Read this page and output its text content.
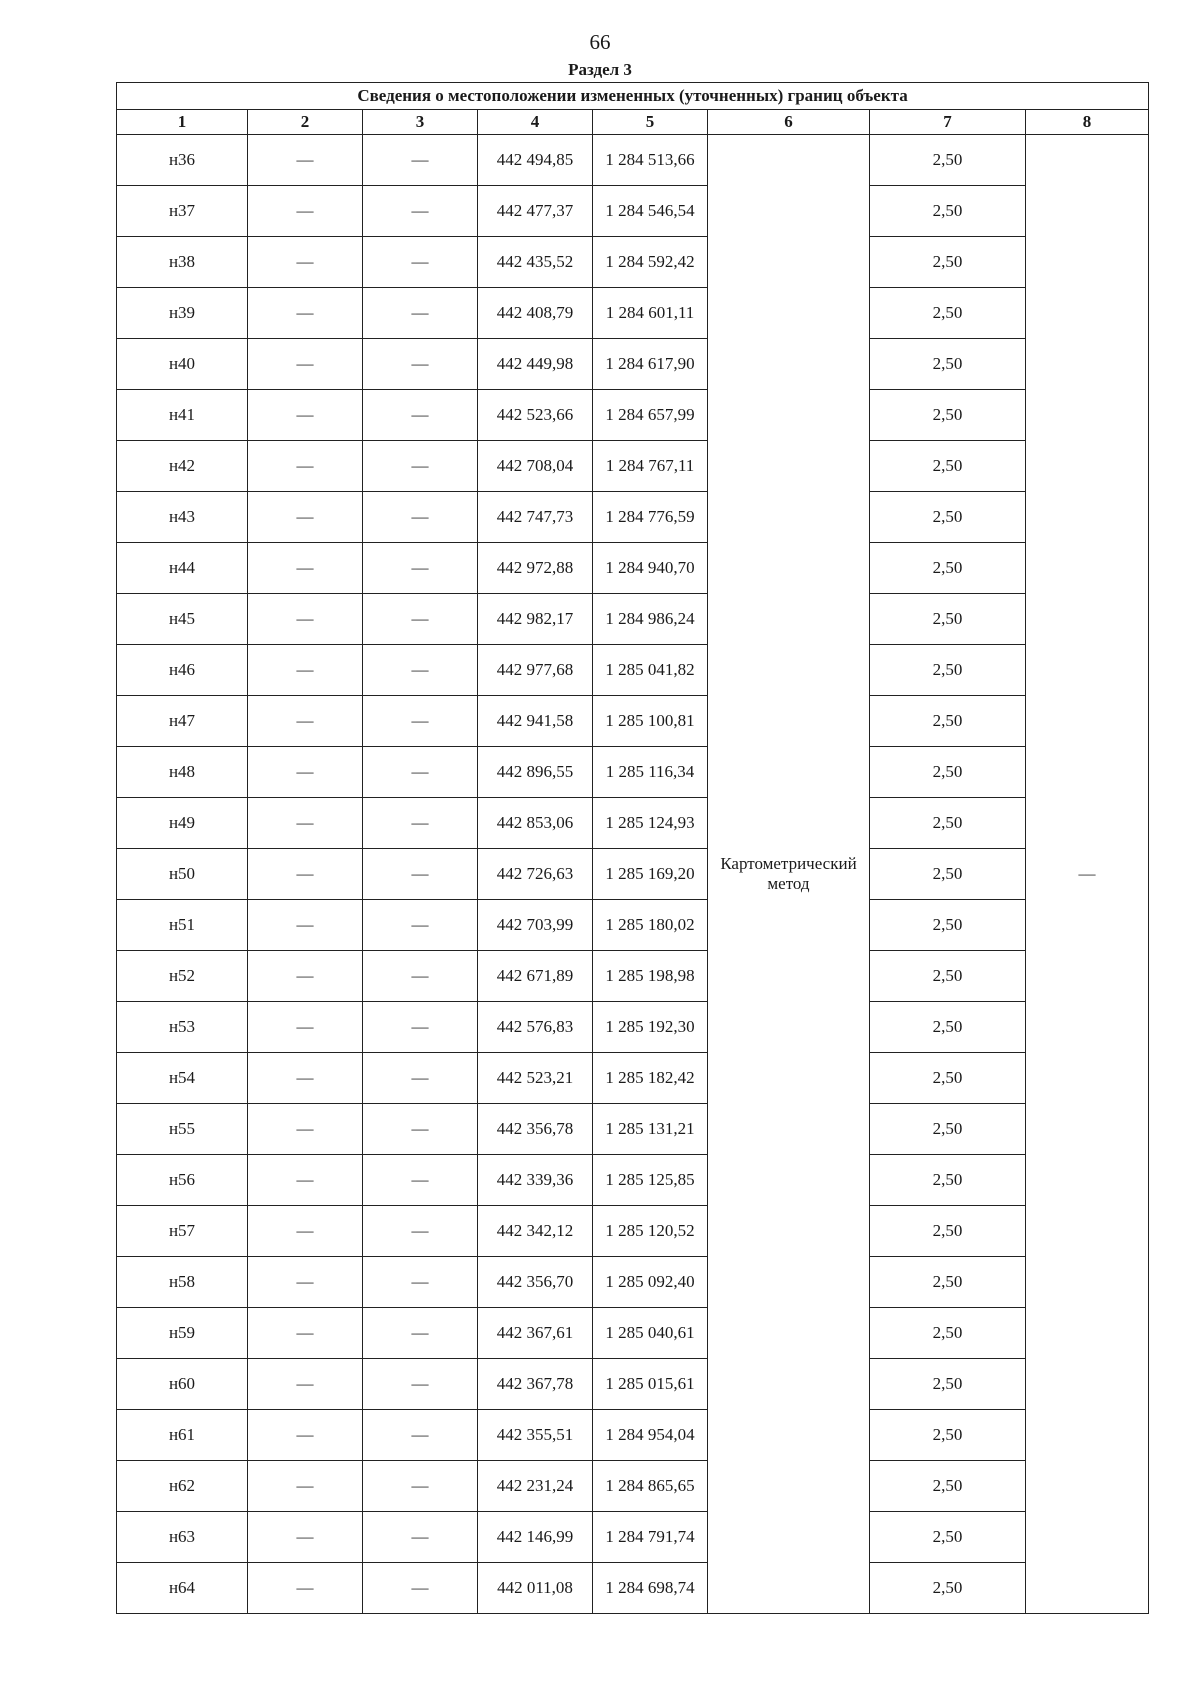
66
Раздел 3
Сведения о местоположении измененных (уточненных) границ объекта							
1	2	3	4	5	6	7	8
н36	—	—	442 494,85	1 284 513,66	Картометрический метод	2,50	—
н37	—	—	442 477,37	1 284 546,54		2,50	
н38	—	—	442 435,52	1 284 592,42		2,50	
н39	—	—	442 408,79	1 284 601,11		2,50	
н40	—	—	442 449,98	1 284 617,90		2,50	
н41	—	—	442 523,66	1 284 657,99		2,50	
н42	—	—	442 708,04	1 284 767,11		2,50	
н43	—	—	442 747,73	1 284 776,59		2,50	
н44	—	—	442 972,88	1 284 940,70		2,50	
н45	—	—	442 982,17	1 284 986,24		2,50	
н46	—	—	442 977,68	1 285 041,82		2,50	
н47	—	—	442 941,58	1 285 100,81		2,50	
н48	—	—	442 896,55	1 285 116,34		2,50	
н49	—	—	442 853,06	1 285 124,93		2,50	
н50	—	—	442 726,63	1 285 169,20		2,50	
н51	—	—	442 703,99	1 285 180,02		2,50	
н52	—	—	442 671,89	1 285 198,98		2,50	
н53	—	—	442 576,83	1 285 192,30		2,50	
н54	—	—	442 523,21	1 285 182,42		2,50	
н55	—	—	442 356,78	1 285 131,21		2,50	
н56	—	—	442 339,36	1 285 125,85		2,50	
н57	—	—	442 342,12	1 285 120,52		2,50	
н58	—	—	442 356,70	1 285 092,40		2,50	
н59	—	—	442 367,61	1 285 040,61		2,50	
н60	—	—	442 367,78	1 285 015,61		2,50	
н61	—	—	442 355,51	1 284 954,04		2,50	
н62	—	—	442 231,24	1 284 865,65		2,50	
н63	—	—	442 146,99	1 284 791,74		2,50	
н64	—	—	442 011,08	1 284 698,74		2,50	
